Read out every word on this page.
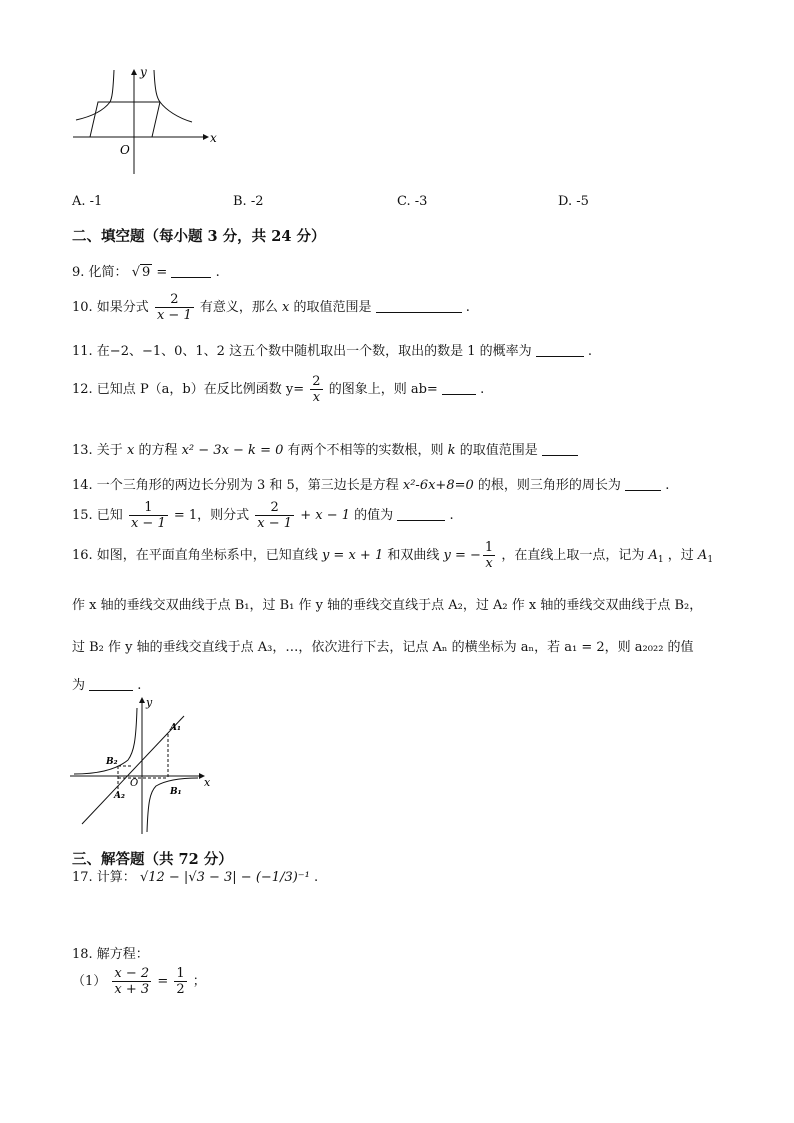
x
y
O
A. -1	B. -2	C. -3	D. -5
二、填空题（每小题 3 分，共 24 分）
9. 化简： √ 9 =	.
10. 如果分式 $\frac{2}{x - 1}$ 有意义，那么 x 的取值范围是	.
11. 在−2、−1、0、1、2 这五个数中随机取出一个数，取出的数是 1 的概率为	.
12. 已知点 P（a，b）在反比例函数 $y= \frac{2}{x}$ 的图象上，则 ab=	.
13. 关于 x 的方程 x² − 3x − k = 0 有两个不相等的实数根，则 k 的取值范围是
14. 一个三角形的两边长分别为 3 和 5，第三边长是方程 x²-6x+8=0 的根，则三角形的周长为	.
15. 已知 $\frac{1}{x - 1} = 1$，则分式 $\frac{2}{x - 1} + x - 1$ 的值为	.
16. 如图，在平面直角坐标系中，已知直线 y = x + 1 和双曲线 y = − $\frac{1}{x}$ ，在直线上取一点，记为 $A_1$ ，过 $A_1$
作 x 轴的垂线交双曲线于点 B₁，过 B₁ 作 y 轴的垂线交直线于点 A₂，过 A₂ 作 x 轴的垂线交双曲线于点 B₂，
过 B₂ 作 y 轴的垂线交直线于点 A₃，…，依次进行下去，记点 Aₙ 的横坐标为 aₙ，若 a₁ = 2，则 a₂₀₂₂ 的值
为	.
x
y
O
A₁
B₁
A₂
B₂
三、解答题（共 72 分）
17. 计算： √12 − |√3 − 3| − (−1/3)⁻¹ .
18. 解方程：
$(1) \frac{x - 2}{x + 3} = \frac{1}{2}$ ；
